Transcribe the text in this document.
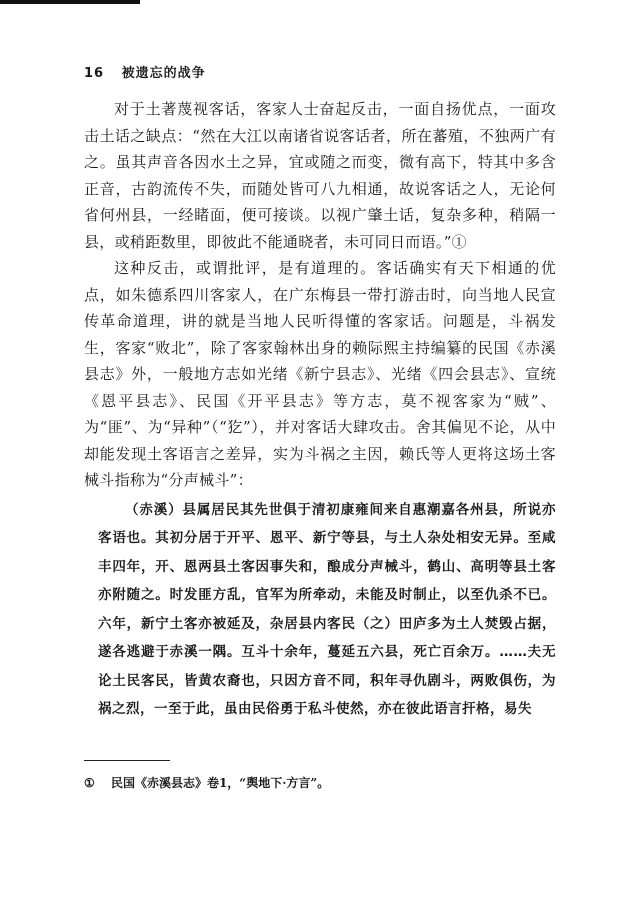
16 被遗忘的战争

对于土著蔑视客话，客家人士奋起反击，一面自扬优点，一面攻击土话之缺点：“然在大江以南诸省说客话者，所在蕃殖，不独两广有之。虽其声音各因水土之异，宜或随之而变，微有高下，特其中多含正音，古韵流传不失，而随处皆可八九相通，故说客话之人，无论何省何州县，一经睹面，便可接谈。以视广肇土话，复杂多种，稍隔一县，或稍距数里，即彼此不能通晓者，未可同日而语。”①

这种反击，或谓批评，是有道理的。客话确实有天下相通的优点，如朱德系四川客家人，在广东梅县一带打游击时，向当地人民宣传革命道理，讲的就是当地人民听得懂的客家话。问题是，斗祸发生，客家“败北”，除了客家翰林出身的赖际熙主持编纂的民国《赤溪县志》外，一般地方志如光绪《新宁县志》、光绪《四会县志》、宣统《恩平县志》、民国《开平县志》等方志，莫不视客家为“贼”、为“匪”、为“异种”（“犵”），并对客话大肆攻击。舍其偏见不论，从中却能发现土客语言之差异，实为斗祸之主因，赖氏等人更将这场土客械斗指称为“分声械斗”：

（赤溪）县属居民其先世俱于清初康雍间来自惠潮嘉各州县，所说亦客语也。其初分居于开平、恩平、新宁等县，与土人杂处相安无异。至咸丰四年，开、恩两县土客因事失和，酿成分声械斗，鹤山、高明等县土客亦附随之。时发匪方乱，官军为所牵动，未能及时制止，以至仇杀不已。六年，新宁土客亦被延及，杂居县内客民（之）田庐多为土人焚毁占据，遂各逃避于赤溪一隅。互斗十余年，蔓延五六县，死亡百余万。……夫无论土民客民，皆黄农裔也，只因方音不同，积年寻仇剧斗，两败俱伤，为祸之烈，一至于此，虽由民俗勇于私斗使然，亦在彼此语言扞格，易失

① 民国《赤溪县志》卷1，“舆地下·方言”。
